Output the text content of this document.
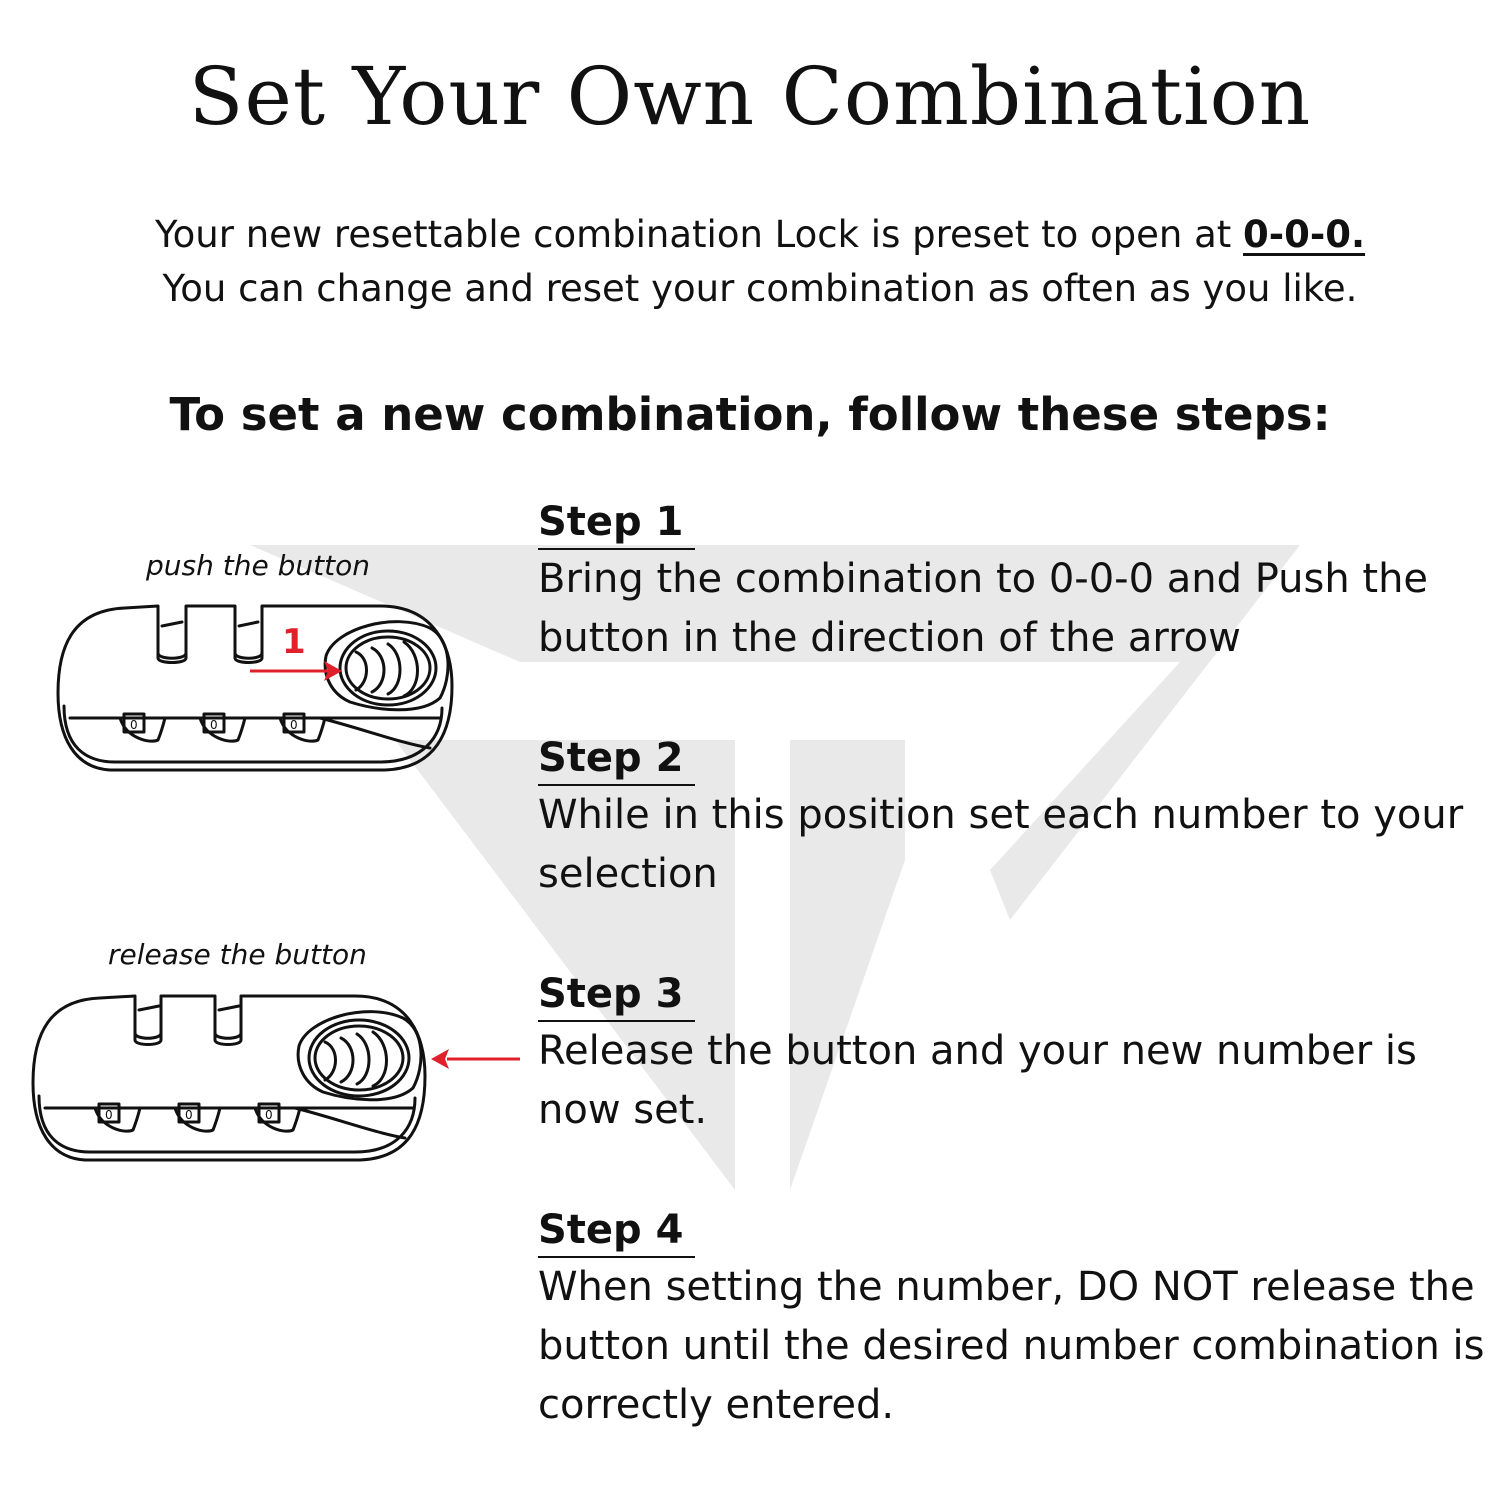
Set Your Own Combination

Your new resettable combination Lock is preset to open at 0-0-0.

You can change and reset your combination as often as you like.

To set a new combination, follow these steps:
Step 1

Bring the combination to 0-0-0 and Push the button in the direction of the arrow

Step 2

While in this position set each number to your selection

Step 3

Release the button and your new number is now set.

Step 4

When setting the number, DO NOT release the button until the desired number combination is correctly entered.

push the button
release the button
0	0	0
1
0	0	0
